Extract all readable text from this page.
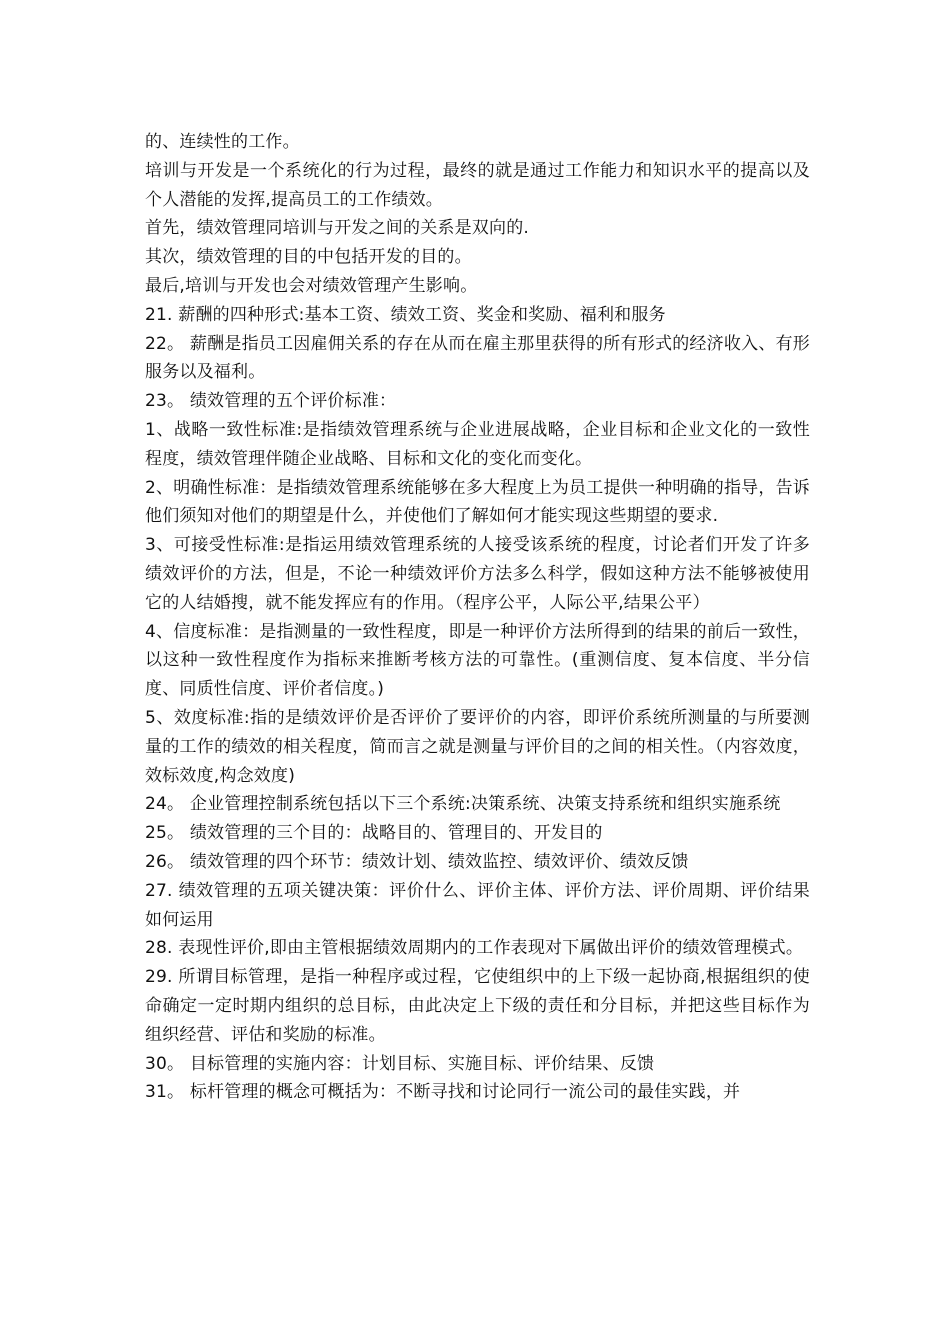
的、连续性的工作。

培训与开发是一个系统化的行为过程，最终的就是通过工作能力和知识水平的提高以及个人潜能的发挥,提高员工的工作绩效。

首先，绩效管理同培训与开发之间的关系是双向的.

其次，绩效管理的目的中包括开发的目的。

最后,培训与开发也会对绩效管理产生影响。

21. 薪酬的四种形式:基本工资、绩效工资、奖金和奖励、福利和服务

22。 薪酬是指员工因雇佣关系的存在从而在雇主那里获得的所有形式的经济收入、有形服务以及福利。

23。 绩效管理的五个评价标准：

1、战略一致性标准:是指绩效管理系统与企业进展战略，企业目标和企业文化的一致性程度，绩效管理伴随企业战略、目标和文化的变化而变化。

2、明确性标准：是指绩效管理系统能够在多大程度上为员工提供一种明确的指导，告诉他们须知对他们的期望是什么，并使他们了解如何才能实现这些期望的要求.

3、可接受性标准:是指运用绩效管理系统的人接受该系统的程度，讨论者们开发了许多绩效评价的方法，但是，不论一种绩效评价方法多么科学，假如这种方法不能够被使用它的人结婚搜，就不能发挥应有的作用。（程序公平，人际公平,结果公平）

4、信度标准：是指测量的一致性程度，即是一种评价方法所得到的结果的前后一致性，以这种一致性程度作为指标来推断考核方法的可靠性。(重测信度、复本信度、半分信度、同质性信度、评价者信度。)

5、效度标准:指的是绩效评价是否评价了要评价的内容，即评价系统所测量的与所要测量的工作的绩效的相关程度，简而言之就是测量与评价目的之间的相关性。（内容效度，效标效度,构念效度)

24。 企业管理控制系统包括以下三个系统:决策系统、决策支持系统和组织实施系统

25。 绩效管理的三个目的：战略目的、管理目的、开发目的

26。 绩效管理的四个环节：绩效计划、绩效监控、绩效评价、绩效反馈

27. 绩效管理的五项关键决策：评价什么、评价主体、评价方法、评价周期、评价结果如何运用

28. 表现性评价,即由主管根据绩效周期内的工作表现对下属做出评价的绩效管理模式。

29. 所谓目标管理，是指一种程序或过程，它使组织中的上下级一起协商,根据组织的使命确定一定时期内组织的总目标，由此决定上下级的责任和分目标，并把这些目标作为组织经营、评估和奖励的标准。

30。 目标管理的实施内容：计划目标、实施目标、评价结果、反馈

31。 标杆管理的概念可概括为：不断寻找和讨论同行一流公司的最佳实践，并
